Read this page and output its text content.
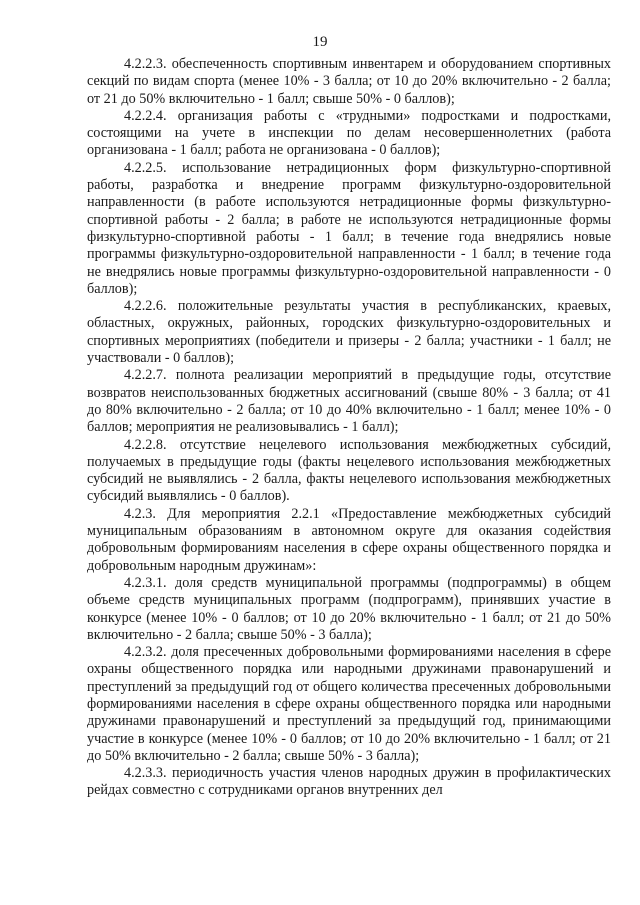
19

4.2.2.3. обеспеченность спортивным инвентарем и оборудованием спортивных секций по видам спорта (менее 10% - 3 балла; от 10 до 20% включительно - 2 балла; от 21 до 50% включительно - 1 балл; свыше 50% - 0 баллов);

4.2.2.4. организация работы с «трудными» подростками и подростками, состоящими на учете в инспекции по делам несовершеннолетних (работа организована - 1 балл; работа не организована - 0 баллов);

4.2.2.5. использование нетрадиционных форм физкультурно-спортивной работы, разработка и внедрение программ физкультурно-оздоровительной направленности (в работе используются нетрадиционные формы физкультурно-спортивной работы - 2 балла; в работе не используются нетрадиционные формы физкультурно-спортивной работы - 1 балл; в течение года внедрялись новые программы физкультурно-оздоровительной направленности - 1 балл; в течение года не внедрялись новые программы физкультурно-оздоровительной направленности - 0 баллов);

4.2.2.6. положительные результаты участия в республиканских, краевых, областных, окружных, районных, городских физкультурно-оздоровительных и спортивных мероприятиях (победители и призеры - 2 балла; участники - 1 балл; не участвовали - 0 баллов);

4.2.2.7. полнота реализации мероприятий в предыдущие годы, отсутствие возвратов неиспользованных бюджетных ассигнований (свыше 80% - 3 балла; от 41 до 80% включительно - 2 балла; от 10 до 40% включительно - 1 балл; менее 10% - 0 баллов; мероприятия не реализовывались - 1 балл);

4.2.2.8. отсутствие нецелевого использования межбюджетных субсидий, получаемых в предыдущие годы (факты нецелевого использования межбюджетных субсидий не выявлялись - 2 балла, факты нецелевого использования межбюджетных субсидий выявлялись - 0 баллов).

4.2.3. Для мероприятия 2.2.1 «Предоставление межбюджетных субсидий муниципальным образованиям в автономном округе для оказания содействия добровольным формированиям населения в сфере охраны общественного порядка и добровольным народным дружинам»:

4.2.3.1. доля средств муниципальной программы (подпрограммы) в общем объеме средств муниципальных программ (подпрограмм), принявших участие в конкурсе (менее 10% - 0 баллов; от 10 до 20% включительно - 1 балл; от 21 до 50% включительно - 2 балла; свыше 50% - 3 балла);

4.2.3.2. доля пресеченных добровольными формированиями населения в сфере охраны общественного порядка или народными дружинами правонарушений и преступлений за предыдущий год от общего количества пресеченных добровольными формированиями населения в сфере охраны общественного порядка или народными дружинами правонарушений и преступлений за предыдущий год, принимающими участие в конкурсе (менее 10% - 0 баллов; от 10 до 20% включительно - 1 балл; от 21 до 50% включительно - 2 балла; свыше 50% - 3 балла);

4.2.3.3. периодичность участия членов народных дружин в профилактических рейдах совместно с сотрудниками органов внутренних дел
